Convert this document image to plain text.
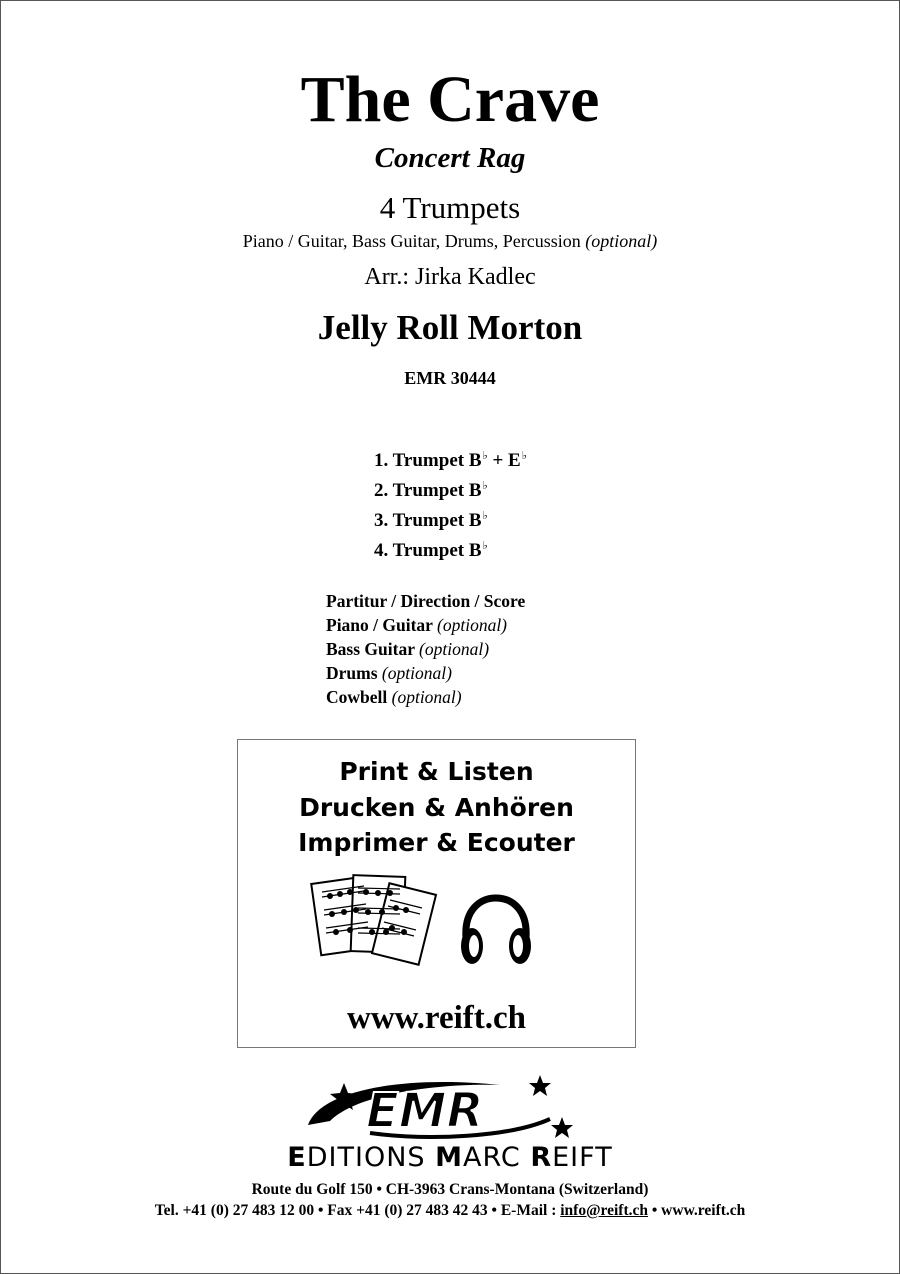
The Crave
Concert Rag
4 Trumpets
Piano / Guitar, Bass Guitar, Drums, Percussion (optional)
Arr.: Jirka Kadlec
Jelly Roll Morton
EMR 30444
1. Trumpet B♭ + E♭
2. Trumpet B♭
3. Trumpet B♭
4. Trumpet B♭
Partitur / Direction / Score
Piano / Guitar (optional)
Bass Guitar (optional)
Drums (optional)
Cowbell (optional)
Print & Listen
Drucken & Anhören
Imprimer & Ecouter
www.reift.ch
EMR
EDITIONS MARC REIFT
Route du Golf 150 • CH-3963 Crans-Montana (Switzerland)
Tel. +41 (0) 27 483 12 00 • Fax +41 (0) 27 483 42 43 • E-Mail : info@reift.ch • www.reift.ch
